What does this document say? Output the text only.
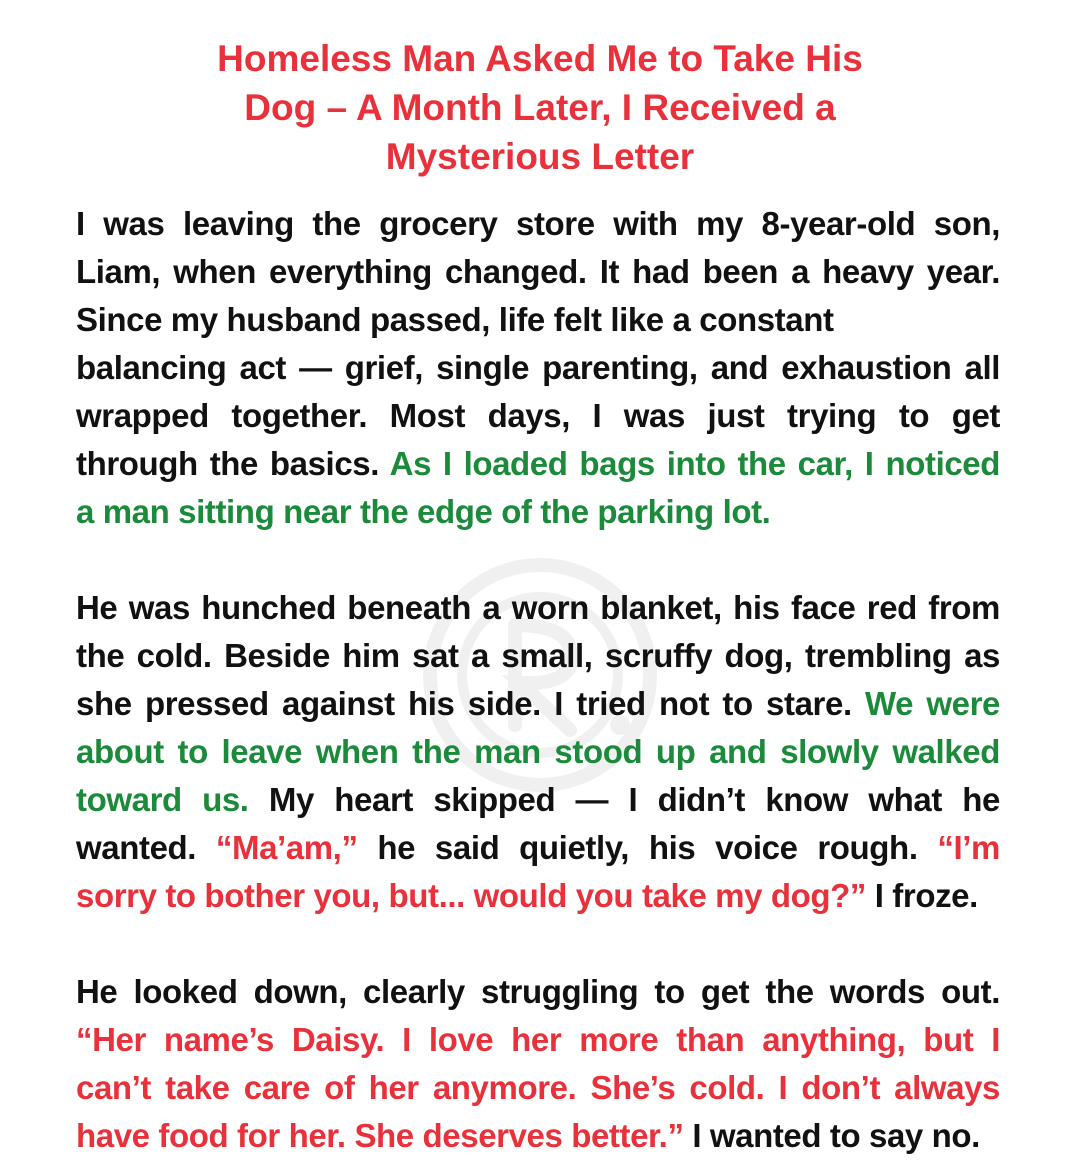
Homeless Man Asked Me to Take His
Dog – A Month Later, I Received a
Mysterious Letter
I was leaving the grocery store with my 8-year-old son,
Liam, when everything changed. It had been a heavy year.
Since my husband passed, life felt like a constant
balancing act — grief, single parenting, and exhaustion all
wrapped together. Most days, I was just trying to get
through the basics. As I loaded bags into the car, I noticed
a man sitting near the edge of the parking lot.
He was hunched beneath a worn blanket, his face red from
the cold. Beside him sat a small, scruffy dog, trembling as
she pressed against his side. I tried not to stare. We were
about to leave when the man stood up and slowly walked
toward us. My heart skipped — I didn’t know what he
wanted. “Ma’am,” he said quietly, his voice rough. “I’m
sorry to bother you, but... would you take my dog?” I froze.
He looked down, clearly struggling to get the words out.
“Her name’s Daisy. I love her more than anything, but I
can’t take care of her anymore. She’s cold. I don’t always
have food for her. She deserves better.” I wanted to say no.
